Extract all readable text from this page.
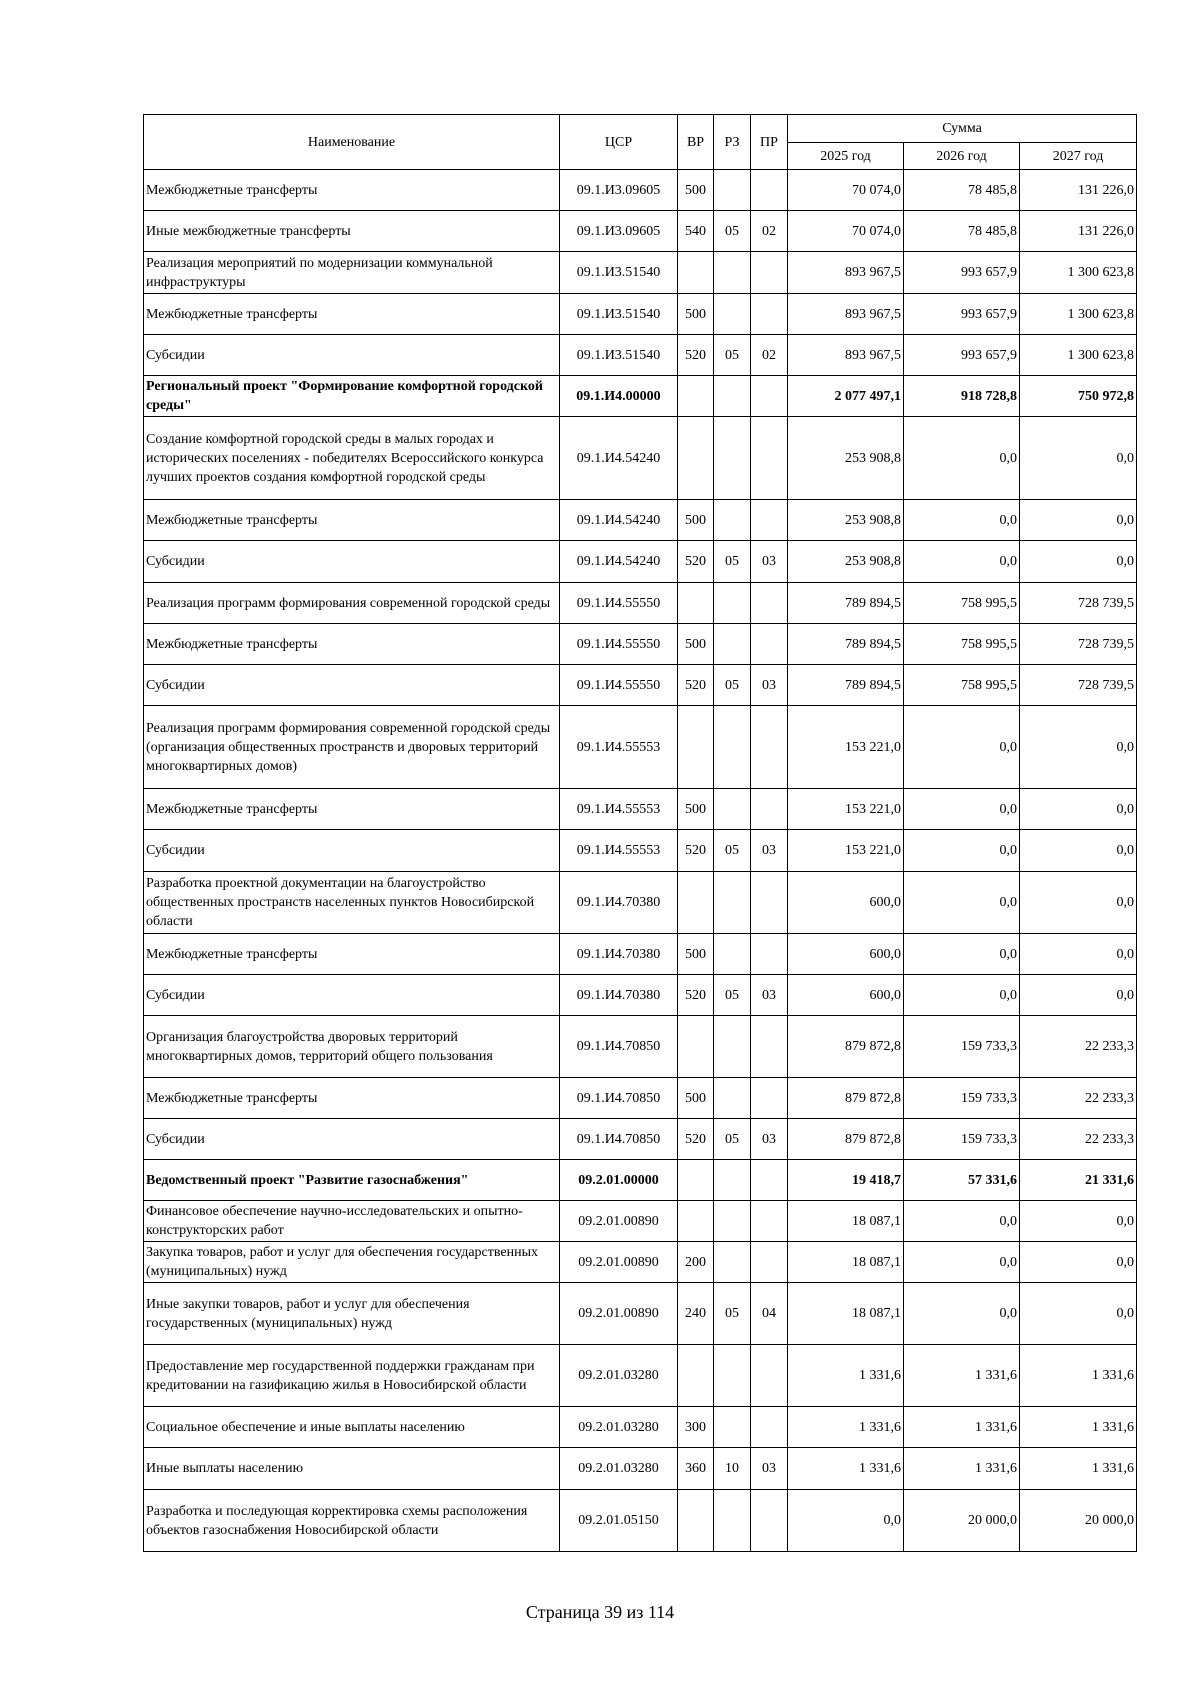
Наименование	ЦСР	ВР	РЗ	ПР	Сумма		
					2025 год	2026 год	2027 год
Межбюджетные трансферты	09.1.И3.09605	500			70 074,0	78 485,8	131 226,0
Иные межбюджетные трансферты	09.1.И3.09605	540	05	02	70 074,0	78 485,8	131 226,0
Реализация мероприятий по модернизации коммунальной инфраструктуры	09.1.И3.51540				893 967,5	993 657,9	1 300 623,8
Межбюджетные трансферты	09.1.И3.51540	500			893 967,5	993 657,9	1 300 623,8
Субсидии	09.1.И3.51540	520	05	02	893 967,5	993 657,9	1 300 623,8
Региональный проект "Формирование комфортной городской среды"	09.1.И4.00000				2 077 497,1	918 728,8	750 972,8
Создание комфортной городской среды в малых городах и исторических поселениях - победителях Всероссийского конкурса лучших проектов создания комфортной городской среды	09.1.И4.54240				253 908,8	0,0	0,0
Межбюджетные трансферты	09.1.И4.54240	500			253 908,8	0,0	0,0
Субсидии	09.1.И4.54240	520	05	03	253 908,8	0,0	0,0
Реализация программ формирования современной городской среды	09.1.И4.55550				789 894,5	758 995,5	728 739,5
Межбюджетные трансферты	09.1.И4.55550	500			789 894,5	758 995,5	728 739,5
Субсидии	09.1.И4.55550	520	05	03	789 894,5	758 995,5	728 739,5
Реализация программ формирования современной городской среды (организация общественных пространств и дворовых территорий многоквартирных домов)	09.1.И4.55553				153 221,0	0,0	0,0
Межбюджетные трансферты	09.1.И4.55553	500			153 221,0	0,0	0,0
Субсидии	09.1.И4.55553	520	05	03	153 221,0	0,0	0,0
Разработка проектной документации на благоустройство общественных пространств населенных пунктов Новосибирской области	09.1.И4.70380				600,0	0,0	0,0
Межбюджетные трансферты	09.1.И4.70380	500			600,0	0,0	0,0
Субсидии	09.1.И4.70380	520	05	03	600,0	0,0	0,0
Организация благоустройства дворовых территорий многоквартирных домов, территорий общего пользования	09.1.И4.70850				879 872,8	159 733,3	22 233,3
Межбюджетные трансферты	09.1.И4.70850	500			879 872,8	159 733,3	22 233,3
Субсидии	09.1.И4.70850	520	05	03	879 872,8	159 733,3	22 233,3
Ведомственный проект "Развитие газоснабжения"	09.2.01.00000				19 418,7	57 331,6	21 331,6
Финансовое обеспечение научно-исследовательских и опытно-конструкторских работ	09.2.01.00890				18 087,1	0,0	0,0
Закупка товаров, работ и услуг для обеспечения государственных (муниципальных) нужд	09.2.01.00890	200			18 087,1	0,0	0,0
Иные закупки товаров, работ и услуг для обеспечения государственных (муниципальных) нужд	09.2.01.00890	240	05	04	18 087,1	0,0	0,0
Предоставление мер государственной поддержки гражданам при кредитовании на газификацию жилья в Новосибирской области	09.2.01.03280				1 331,6	1 331,6	1 331,6
Социальное обеспечение и иные выплаты населению	09.2.01.03280	300			1 331,6	1 331,6	1 331,6
Иные выплаты населению	09.2.01.03280	360	10	03	1 331,6	1 331,6	1 331,6
Разработка и последующая корректировка схемы расположения объектов газоснабжения Новосибирской области	09.2.01.05150				0,0	20 000,0	20 000,0
Страница 39 из 114
